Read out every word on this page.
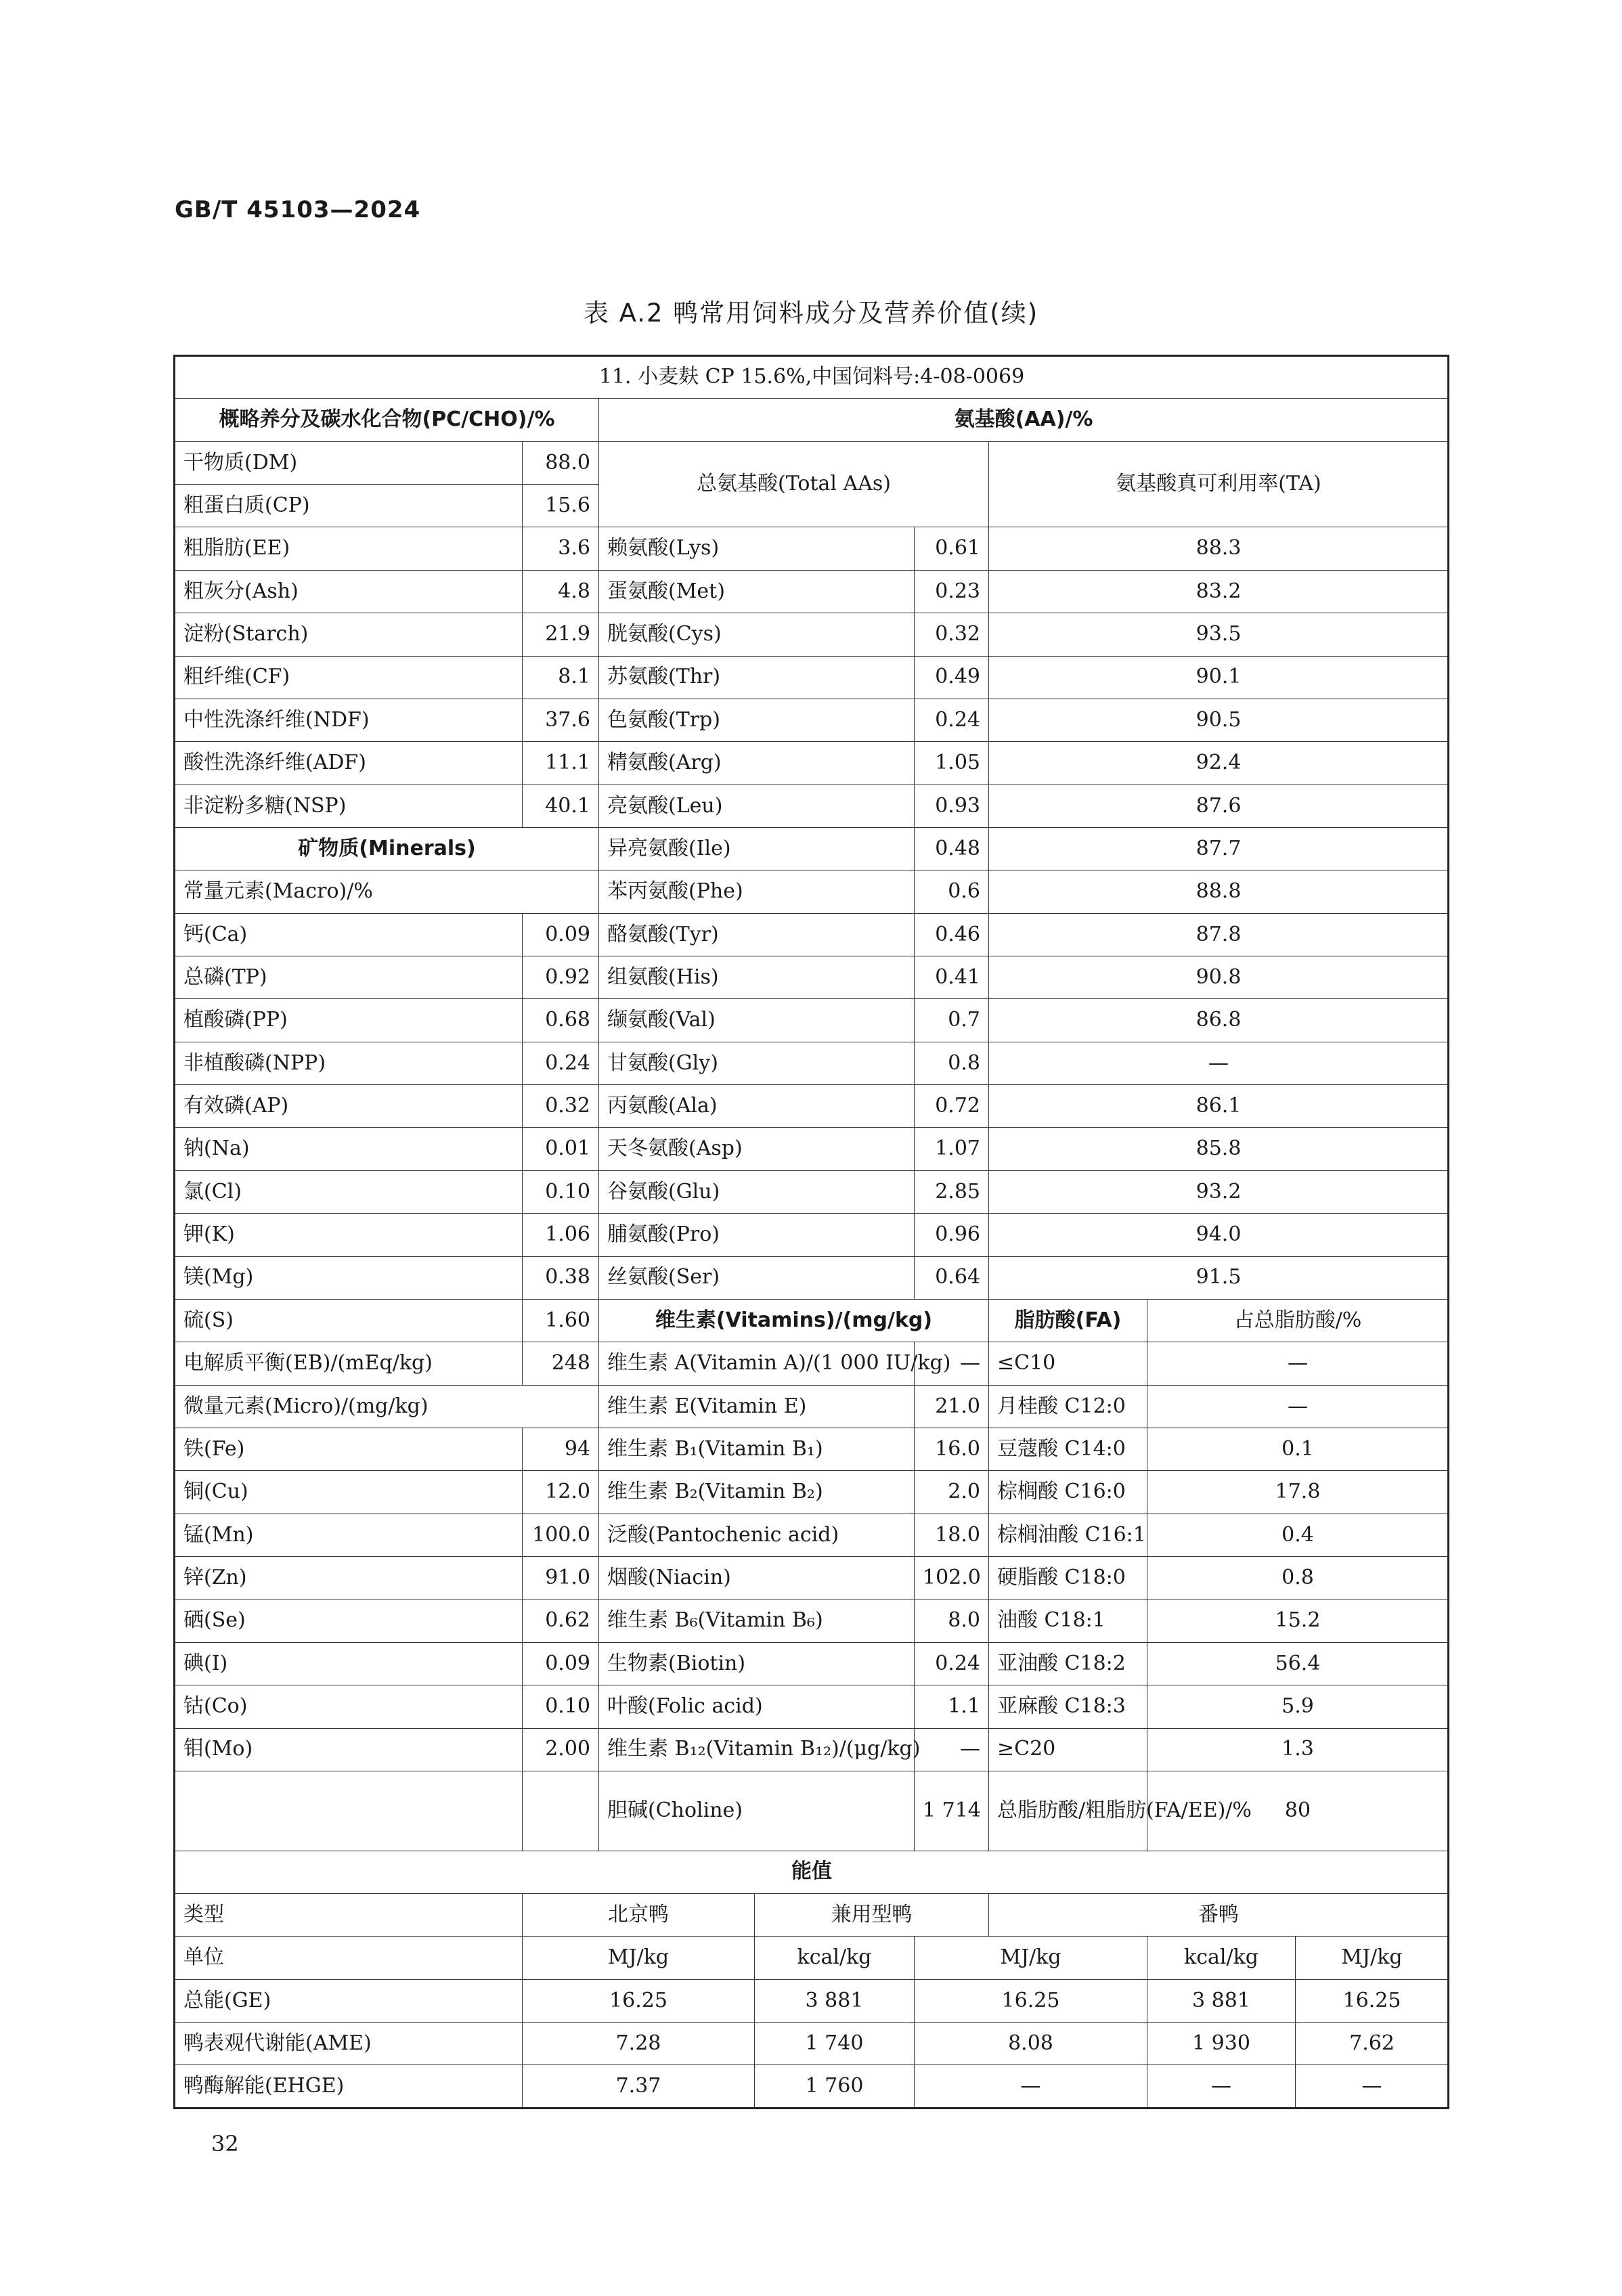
GB/T 45103—2024
表 A.2 鸭常用饲料成分及营养价值(续)
11. 小麦麸 CP 15.6%,中国饲料号:4-08-0069								
概略养分及碳水化合物(PC/CHO)/%		氨基酸(AA)/%						
干物质(DM)	88.0	总氨基酸(Total AAs)			氨基酸真可利用率(TA)			
粗蛋白质(CP)	15.6							
粗脂肪(EE)	3.6	赖氨酸(Lys)		0.61	88.3			
粗灰分(Ash)	4.8	蛋氨酸(Met)		0.23	83.2			
淀粉(Starch)	21.9	胱氨酸(Cys)		0.32	93.5			
粗纤维(CF)	8.1	苏氨酸(Thr)		0.49	90.1			
中性洗涤纤维(NDF)	37.6	色氨酸(Trp)		0.24	90.5			
酸性洗涤纤维(ADF)	11.1	精氨酸(Arg)		1.05	92.4			
非淀粉多糖(NSP)	40.1	亮氨酸(Leu)		0.93	87.6			
矿物质(Minerals)		异亮氨酸(Ile)		0.48	87.7			
常量元素(Macro)/%		苯丙氨酸(Phe)		0.6	88.8			
钙(Ca)	0.09	酪氨酸(Tyr)		0.46	87.8			
总磷(TP)	0.92	组氨酸(His)		0.41	90.8			
植酸磷(PP)	0.68	缬氨酸(Val)		0.7	86.8			
非植酸磷(NPP)	0.24	甘氨酸(Gly)		0.8	—			
有效磷(AP)	0.32	丙氨酸(Ala)		0.72	86.1			
钠(Na)	0.01	天冬氨酸(Asp)		1.07	85.8			
氯(Cl)	0.10	谷氨酸(Glu)		2.85	93.2			
钾(K)	1.06	脯氨酸(Pro)		0.96	94.0			
镁(Mg)	0.38	丝氨酸(Ser)		0.64	91.5			
硫(S)	1.60	维生素(Vitamins)/(mg/kg)			脂肪酸(FA)	占总脂肪酸/%		
电解质平衡(EB)/(mEq/kg)	248	维生素 A(Vitamin A)/(1 000 IU/kg)		—	≤C10	—		
微量元素(Micro)/(mg/kg)		维生素 E(Vitamin E)		21.0	月桂酸 C12:0	—		
铁(Fe)	94	维生素 B₁(Vitamin B₁)		16.0	豆蔻酸 C14:0	0.1		
铜(Cu)	12.0	维生素 B₂(Vitamin B₂)		2.0	棕榈酸 C16:0	17.8		
锰(Mn)	100.0	泛酸(Pantochenic acid)		18.0	棕榈油酸 C16:1	0.4		
锌(Zn)	91.0	烟酸(Niacin)		102.0	硬脂酸 C18:0	0.8		
硒(Se)	0.62	维生素 B₆(Vitamin B₆)		8.0	油酸 C18:1	15.2		
碘(I)	0.09	生物素(Biotin)		0.24	亚油酸 C18:2	56.4		
钴(Co)	0.10	叶酸(Folic acid)		1.1	亚麻酸 C18:3	5.9		
钼(Mo)	2.00	维生素 B₁₂(Vitamin B₁₂)/(μg/kg)		—	≥C20	1.3		
		胆碱(Choline)		1 714	总脂肪酸/粗脂肪(FA/EE)/%	80		
能值								
类型	北京鸭		兼用型鸭		番鸭			
单位	MJ/kg		kcal/kg	MJ/kg		kcal/kg	MJ/kg	
总能(GE)	16.25		3 881	16.25		3 881	16.25	
鸭表观代谢能(AME)	7.28		1 740	8.08		1 930	7.62	
鸭酶解能(EHGE)	7.37		1 760	—		—	—	
32
